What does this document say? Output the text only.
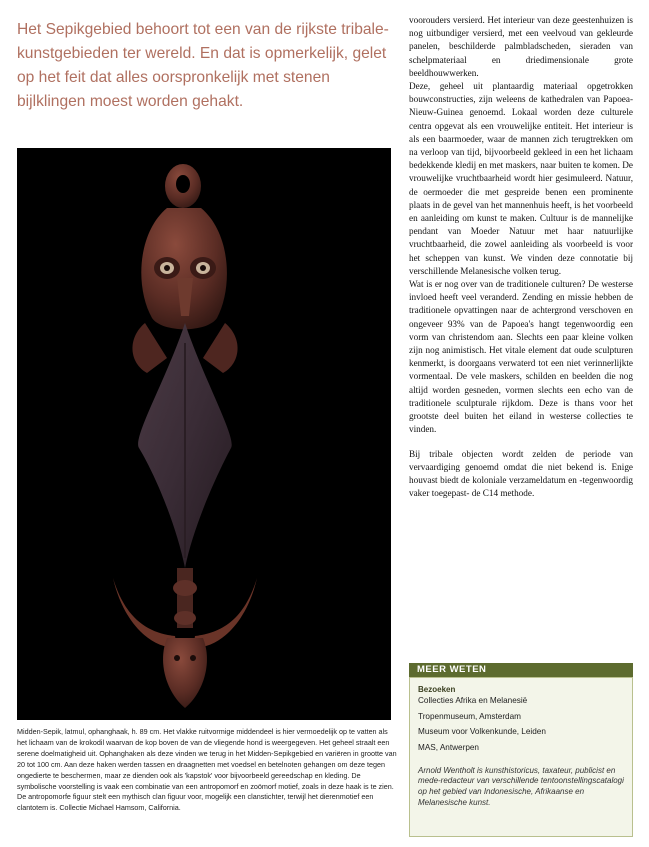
Het Sepikgebied behoort tot een van de rijkste tribale-kunstgebieden ter wereld. En dat is opmerkelijk, gelet op het feit dat alles oorspronkelijk met stenen bijlklingen moest worden gehakt.

Midden-Sepik, latmul, ophanghaak, h. 89 cm. Het vlakke ruitvormige middendeel is hier vermoedelijk op te vatten als het lichaam van de krokodil waarvan de kop boven de van de vliegende hond is weergegeven. Het geheel straalt een serene doelmatigheid uit. Ophanghaken als deze vinden we terug in het Midden-Sepikgebied en variëren in grootte van 20 tot 100 cm. Aan deze haken werden tassen en draagnetten met voedsel en betelnoten gehangen om deze tegen ongedierte te beschermen, maar ze dienden ook als 'kapstok' voor bijvoorbeeld gereedschap en kleding. De symbolische voorstelling is vaak een combinatie van een antropomorf en zoömorf motief, zoals in deze haak is te zien. De antropomorfe figuur stelt een mythisch clan figuur voor, mogelijk een clanstichter, terwijl het dierenmotief een clantotem is. Collectie Michael Hamsom, California.

voorouders versierd. Het interieur van deze geestenhuizen is nog uitbundiger versierd, met een veelvoud van gekleurde panelen, beschilderde palmbladscheden, sieraden van schelpmateriaal en driedimensionale grote beeldhouwwerken.

Deze, geheel uit plantaardig materiaal opgetrokken bouwconstructies, zijn weleens de kathedralen van Papoea-Nieuw-Guinea genoemd. Lokaal worden deze culturele centra opgevat als een vrouwelijke entiteit. Het interieur is als een baarmoeder, waar de mannen zich terugtrekken om na verloop van tijd, bijvoorbeeld gekleed in een het lichaam bedekkende kledij en met maskers, naar buiten te komen. De vrouwelijke vruchtbaarheid wordt hier gesimuleerd. Natuur, de oermoeder die met gespreide benen een prominente plaats in de gevel van het mannenhuis heeft, is het voorbeeld en aanleiding om kunst te maken. Cultuur is de mannelijke pendant van Moeder Natuur met haar natuurlijke vruchtbaarheid, die zowel aanleiding als voorbeeld is voor het scheppen van kunst. We vinden deze connotatie bij verschillende Melanesische volken terug.

Wat is er nog over van de traditionele culturen? De westerse invloed heeft veel veranderd. Zending en missie hebben de traditionele opvattingen naar de achtergrond verschoven en ongeveer 93% van de Papoea's hangt tegenwoordig een vorm van christendom aan. Slechts een paar kleine volken zijn nog animistisch. Het vitale element dat oude sculpturen kenmerkt, is doorgaans verwaterd tot een niet verinnerlijkte vormentaal. De vele maskers, schilden en beelden die nog altijd worden gesneden, vormen slechts een echo van de traditionele sculpturale rijkdom. Deze is thans voor het grootste deel buiten het eiland in westerse collecties te vinden.

Bij tribale objecten wordt zelden de periode van vervaardiging genoemd omdat die niet bekend is. Enige houvast biedt de koloniale verzameldatum en -tegenwoordig vaker toegepast- de C14 methode.

MEER WETEN
Bezoeken
Collecties Afrika en Melanesië
Tropenmuseum, Amsterdam
Museum voor Volkenkunde, Leiden
MAS, Antwerpen
Arnold Wentholt is kunsthistoricus, taxateur, publicist en mede-redacteur van verschillende tentoonstellingscatalogi op het gebied van Indonesische, Afrikaanse en Melanesische kunst.
